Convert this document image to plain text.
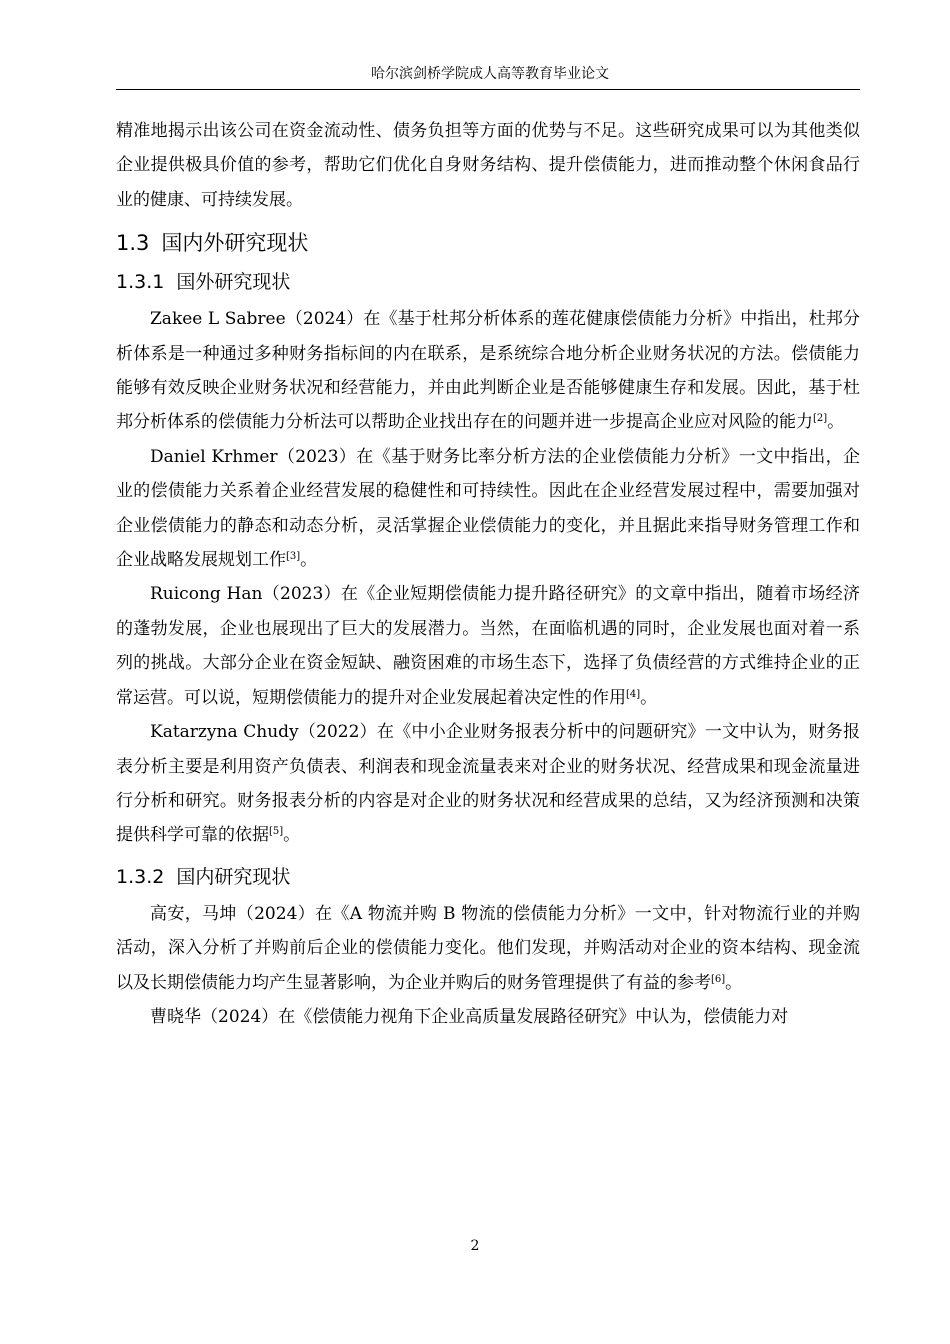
哈尔滨剑桥学院成人高等教育毕业论文

精准地揭示出该公司在资金流动性、债务负担等方面的优势与不足。这些研究成果可以为其他类似企业提供极具价值的参考，帮助它们优化自身财务结构、提升偿债能力，进而推动整个休闲食品行业的健康、可持续发展。

1.3 国内外研究现状
1.3.1 国外研究现状

Zakee L Sabree（2024）在《基于杜邦分析体系的莲花健康偿债能力分析》中指出，杜邦分析体系是一种通过多种财务指标间的内在联系，是系统综合地分析企业财务状况的方法。偿债能力能够有效反映企业财务状况和经营能力，并由此判断企业是否能够健康生存和发展。因此，基于杜邦分析体系的偿债能力分析法可以帮助企业找出存在的问题并进一步提高企业应对风险的能力[2]。

Daniel Krhmer（2023）在《基于财务比率分析方法的企业偿债能力分析》一文中指出，企业的偿债能力关系着企业经营发展的稳健性和可持续性。因此在企业经营发展过程中，需要加强对企业偿债能力的静态和动态分析，灵活掌握企业偿债能力的变化，并且据此来指导财务管理工作和企业战略发展规划工作[3]。

Ruicong Han（2023）在《企业短期偿债能力提升路径研究》的文章中指出，随着市场经济的蓬勃发展，企业也展现出了巨大的发展潜力。当然，在面临机遇的同时，企业发展也面对着一系列的挑战。大部分企业在资金短缺、融资困难的市场生态下，选择了负债经营的方式维持企业的正常运营。可以说，短期偿债能力的提升对企业发展起着决定性的作用[4]。

Katarzyna Chudy（2022）在《中小企业财务报表分析中的问题研究》一文中认为，财务报表分析主要是利用资产负债表、利润表和现金流量表来对企业的财务状况、经营成果和现金流量进行分析和研究。财务报表分析的内容是对企业的财务状况和经营成果的总结，又为经济预测和决策提供科学可靠的依据[5]。

1.3.2 国内研究现状

高安，马坤（2024）在《A 物流并购 B 物流的偿债能力分析》一文中，针对物流行业的并购活动，深入分析了并购前后企业的偿债能力变化。他们发现，并购活动对企业的资本结构、现金流以及长期偿债能力均产生显著影响，为企业并购后的财务管理提供了有益的参考[6]。

曹晓华（2024）在《偿债能力视角下企业高质量发展路径研究》中认为，偿债能力对

2
